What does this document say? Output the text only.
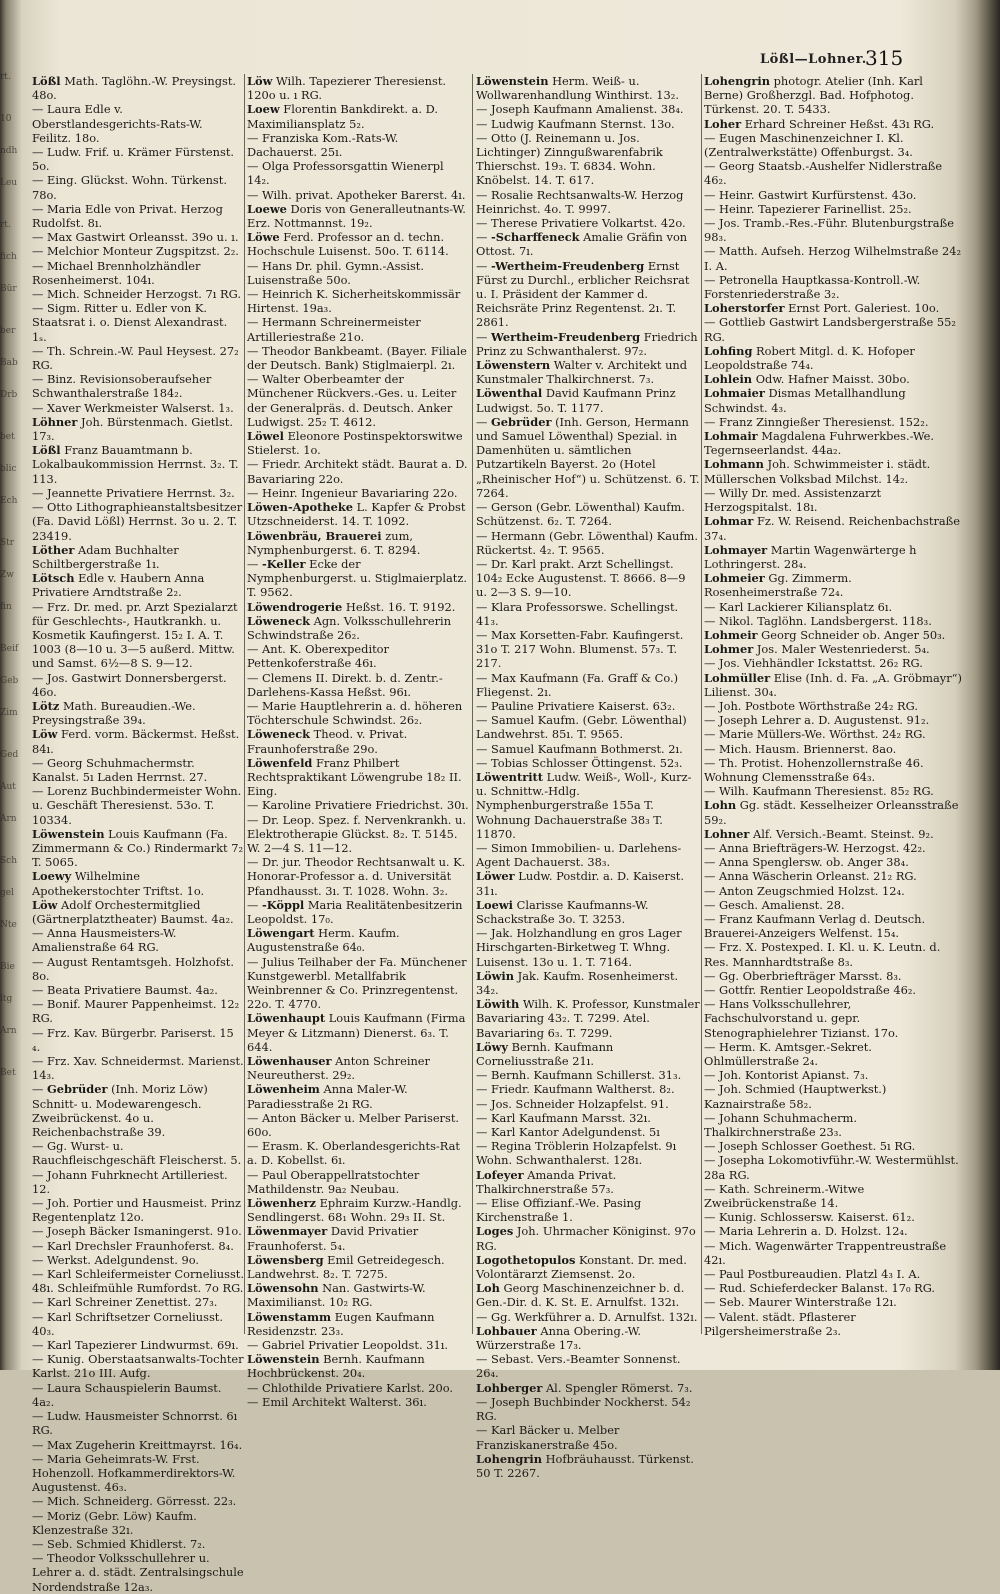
rt.
10
ndh
Leu
rt.
fich
Bür
ber
Bab
Drb
bet
blic
Ech
Str
Zw
fin
Beif
Geb
Zim
Ged
Aut
Arn
Sch
gel
Nte
Bie
ltg
Arn
Bet
Lößl—Lohner.
315

Lößl Math. Taglöhn.-W. Preysingst. 48o.

— Laura Edle v. Oberstlandesgerichts-Rats-W. Feilitz. 18o.

— Ludw. Frif. u. Krämer Fürstenst. 5o.

— Eing. Glückst. Wohn. Türkenst. 78o.

— Maria Edle von Privat. Herzog Rudolfst. 8ı.

— Max Gastwirt Orleansst. 39o u. ı.

— Melchior Monteur Zugspitzst. 2₂.

— Michael Brennholzhändler Rosenheimerst. 104ı.

— Mich. Schneider Herzogst. 7ı RG.

— Sigm. Ritter u. Edler von K. Staatsrat i. o. Dienst Alexandrast. 1ₛ.

— Th. Schrein.-W. Paul Heysest. 27₂ RG.

— Binz. Revisionsoberaufseher Schwanthalerstraße 184₂.

— Xaver Werkmeister Walserst. 1₃.

Löhner Joh. Bürstenmach. Gietlst. 17₃.

Lößl Franz Bauamtmann b. Lokalbaukommission Herrnst. 3₂. T. 113.

— Jeannette Privatiere Herrnst. 3₂.

— Otto Lithographieanstaltsbesitzer (Fa. David Lößl) Herrnst. 3o u. 2. T. 23419.

Löther Adam Buchhalter Schiltbergerstraße 1ı.

Lötsch Edle v. Haubern Anna Privatiere Arndtstraße 2₂.

— Frz. Dr. med. pr. Arzt Spezialarzt für Geschlechts-, Hautkrankh. u. Kosmetik Kaufingerst. 15₂ I. A. T. 1003 (8—10 u. 3—5 außerd. Mittw. und Samst. 6½—8 S. 9—12.

— Jos. Gastwirt Donnersbergerst. 46o.

Lötz Math. Bureaudien.-We. Preysingstraße 39₄.

Löw Ferd. vorm. Bäckermst. Heßst. 84ı.

— Georg Schuhmachermstr. Kanalst. 5ı Laden Herrnst. 27.

— Lorenz Buchbindermeister Wohn. u. Geschäft Theresienst. 53o. T. 10334.

Löwenstein Louis Kaufmann (Fa. Zimmermann & Co.) Rindermarkt 7₂ T. 5065.

Loewy Wilhelmine Apothekerstochter Triftst. 1o.

Löw Adolf Orchestermitglied (Gärtnerplatztheater) Baumst. 4a₂.

— Anna Hausmeisters-W. Amalienstraße 64 RG.

— August Rentamtsgeh. Holzhofst. 8o.

— Beata Privatiere Baumst. 4a₂.

— Bonif. Maurer Pappenheimst. 12₂ RG.

— Frz. Kav. Bürgerbr. Pariserst. 15 ₄.

— Frz. Xav. Schneidermst. Marienst. 14₃.

— Gebrüder (Inh. Moriz Löw) Schnitt- u. Modewarengesch. Zweibrückenst. 4o u. Reichenbachstraße 39.

— Gg. Wurst- u. Rauchfleischgeschäft Fleischerst. 5.

— Johann Fuhrknecht Artilleriest. 12.

— Joh. Portier und Hausmeist. Prinz Regentenplatz 12o.

— Joseph Bäcker Ismaningerst. 91o.

— Karl Drechsler Fraunhoferst. 8₄.

— Werkst. Adelgundenst. 9o.

— Karl Schleifermeister Corneliusst. 48ı. Schleifmühle Rumfordst. 7o RG.

— Karl Schreiner Zenettist. 27₃.

— Karl Schriftsetzer Corneliusst. 40₃.

— Karl Tapezierer Lindwurmst. 69ı.

— Kunig. Oberstaatsanwalts-Tochter Karlst. 21o III. Aufg.

— Laura Schauspielerin Baumst. 4a₂.

— Ludw. Hausmeister Schnorrst. 6ı RG.

— Max Zugeherin Kreittmayrst. 16₄.

— Maria Geheimrats-W. Frst. Hohenzoll. Hofkammerdirektors-W. Augustenst. 46₃.

— Mich. Schneiderg. Görresst. 22₃.

— Moriz (Gebr. Löw) Kaufm. Klenzestraße 32ı.

— Seb. Schmied Khidlerst. 7₂.

— Theodor Volksschullehrer u. Lehrer a. d. städt. Zentralsingschule Nordendstraße 12a₃.

Löw Wilh. Tapezierer Theresienst. 120o u. ı RG.

Loew Florentin Bankdirekt. a. D. Maximiliansplatz 5₂.

— Franziska Kom.-Rats-W. Dachauerst. 25ı.

— Olga Professorsgattin Wienerpl 14₂.

— Wilh. privat. Apotheker Barerst. 4ı.

Loewe Doris von Generalleutnants-W. Erz. Nottmannst. 19₂.

Löwe Ferd. Professor an d. techn. Hochschule Luisenst. 50o. T. 6114.

— Hans Dr. phil. Gymn.-Assist. Luisenstraße 50o.

— Heinrich K. Sicherheitskommissär Hirtenst. 19a₃.

— Hermann Schreinermeister Artilleriestraße 21o.

— Theodor Bankbeamt. (Bayer. Filiale der Deutsch. Bank) Stiglmaierpl. 2ı.

— Walter Oberbeamter der Münchener Rückvers.-Ges. u. Leiter der Generalpräs. d. Deutsch. Anker Ludwigst. 25₂ T. 4612.

Löwel Eleonore Postinspektorswitwe Stielerst. 1o.

— Friedr. Architekt städt. Baurat a. D. Bavariaring 22o.

— Heinr. Ingenieur Bavariaring 22o.

Löwen-Apotheke L. Kapfer & Probst Utzschneiderst. 14. T. 1092.

Löwenbräu, Brauerei zum, Nymphenburgerst. 6. T. 8294.

— -Keller Ecke der Nymphenburgerst. u. Stiglmaierplatz. T. 9562.

Löwendrogerie Heßst. 16. T. 9192.

Löweneck Agn. Volksschullehrerin Schwindstraße 26₂.

— Ant. K. Oberexpeditor Pettenkoferstraße 46ı.

— Clemens II. Direkt. b. d. Zentr.-Darlehens-Kassa Heßst. 96ı.

— Marie Hauptlehrerin a. d. höheren Töchterschule Schwindst. 26₂.

Löweneck Theod. v. Privat. Fraunhoferstraße 29o.

Löwenfeld Franz Philbert Rechtspraktikant Löwengrube 18₂ II. Eing.

— Karoline Privatiere Friedrichst. 30ı.

— Dr. Leop. Spez. f. Nervenkrankh. u. Elektrotherapie Glückst. 8₂. T. 5145. W. 2—4 S. 11—12.

— Dr. jur. Theodor Rechtsanwalt u. K. Honorar-Professor a. d. Universität Pfandhausst. 3ı. T. 1028. Wohn. 3₂.

— -Köppl Maria Realitätenbesitzerin Leopoldst. 17₀.

Löwengart Herm. Kaufm. Augustenstraße 64₀.

— Julius Teilhaber der Fa. Münchener Kunstgewerbl. Metallfabrik Weinbrenner & Co. Prinzregentenst. 22o. T. 4770.

Löwenhaupt Louis Kaufmann (Firma Meyer & Litzmann) Dienerst. 6₃. T. 644.

Löwenhauser Anton Schreiner Neureutherst. 29₂.

Löwenheim Anna Maler-W. Paradiesstraße 2ı RG.

— Anton Bäcker u. Melber Pariserst. 60o.

— Erasm. K. Oberlandesgerichts-Rat a. D. Kobellst. 6ı.

— Paul Oberappellratstochter Mathildenstr. 9a₂ Neubau.

Löwenherz Ephraim Kurzw.-Handlg. Sendlingerst. 68₁ Wohn. 29₃ II. St.

Löwenmayer David Privatier Fraunhoferst. 5₄.

Löwensberg Emil Getreidegesch. Landwehrst. 8₂. T. 7275.

Löwensohn Nan. Gastwirts-W. Maximilianst. 10₂ RG.

Löwenstamm Eugen Kaufmann Residenzstr. 23₃.

— Gabriel Privatier Leopoldst. 31ı.

Löwenstein Bernh. Kaufmann Hochbrückenst. 20₄.

— Chlothilde Privatiere Karlst. 20o.

— Emil Architekt Walterst. 36ı.

Löwenstein Herm. Weiß- u. Wollwarenhandlung Winthirst. 13₂.

— Joseph Kaufmann Amalienst. 38₄.

— Ludwig Kaufmann Sternst. 13o.

— Otto (J. Reinemann u. Jos. Lichtinger) Zinngußwarenfabrik Thierschst. 19₃. T. 6834. Wohn. Knöbelst. 14. T. 617.

— Rosalie Rechtsanwalts-W. Herzog Heinrichst. 4o. T. 9997.

— Therese Privatiere Volkartst. 42o.

— -Scharffeneck Amalie Gräfin von Ottost. 7ı.

— -Wertheim-Freudenberg Ernst Fürst zu Durchl., erblicher Reichsrat u. I. Präsident der Kammer d. Reichsräte Prinz Regentenst. 2ı. T. 2861.

— Wertheim-Freudenberg Friedrich Prinz zu Schwanthalerst. 97₂.

Löwenstern Walter v. Architekt und Kunstmaler Thalkirchnerst. 7₃.

Löwenthal David Kaufmann Prinz Ludwigst. 5o. T. 1177.

— Gebrüder (Inh. Gerson, Hermann und Samuel Löwenthal) Spezial. in Damenhüten u. sämtlichen Putzartikeln Bayerst. 2o (Hotel „Rheinischer Hof“) u. Schützenst. 6. T. 7264.

— Gerson (Gebr. Löwenthal) Kaufm. Schützenst. 6₂. T. 7264.

— Hermann (Gebr. Löwenthal) Kaufm. Rückertst. 4₂. T. 9565.

— Dr. Karl prakt. Arzt Schellingst. 104₂ Ecke Augustenst. T. 8666. 8—9 u. 2—3 S. 9—10.

— Klara Professorswe. Schellingst. 41₃.

— Max Korsetten-Fabr. Kaufingerst. 31o T. 217 Wohn. Blumenst. 57₃. T. 217.

— Max Kaufmann (Fa. Graff & Co.) Fliegenst. 2ı.

— Pauline Privatiere Kaiserst. 63₂.

— Samuel Kaufm. (Gebr. Löwenthal) Landwehrst. 85ı. T. 9565.

— Samuel Kaufmann Bothmerst. 2ı.

— Tobias Schlosser Öttingenst. 52₃.

Löwentritt Ludw. Weiß-, Woll-, Kurz- u. Schnittw.-Hdlg. Nymphenburgerstraße 155a T. Wohnung Dachauerstraße 38₃ T. 11870.

— Simon Immobilien- u. Darlehens-Agent Dachauerst. 38₃.

Löwer Ludw. Postdir. a. D. Kaiserst. 31ı.

Loewi Clarisse Kaufmanns-W. Schackstraße 3o. T. 3253.

— Jak. Holzhandlung en gros Lager Hirschgarten-Birketweg T. Whng. Luisenst. 13o u. 1. T. 7164.

Löwin Jak. Kaufm. Rosenheimerst. 34₂.

Löwith Wilh. K. Professor, Kunstmaler Bavariaring 43₂. T. 7299. Atel. Bavariaring 6₃. T. 7299.

Löwy Bernh. Kaufmann Corneliusstraße 21ı.

— Bernh. Kaufmann Schillerst. 31₃.

— Friedr. Kaufmann Waltherst. 8₂.

— Jos. Schneider Holzapfelst. 91.

— Karl Kaufmann Marsst. 32ı.

— Karl Kantor Adelgundenst. 5ı

— Regina Tröblerin Holzapfelst. 9ı Wohn. Schwanthalerst. 128ı.

Lofeyer Amanda Privat. Thalkirchnerstraße 57₃.

— Elise Offizianf.-We. Pasing Kirchenstraße 1.

Loges Joh. Uhrmacher Königinst. 97o RG.

Logothetopulos Konstant. Dr. med. Volontärarzt Ziemsenst. 2o.

Loh Georg Maschinenzeichner b. d. Gen.-Dir. d. K. St. E. Arnulfst. 132ı.

— Gg. Werkführer a. D. Arnulfst. 132ı.

Lohbauer Anna Obering.-W. Würzerstraße 17₃.

— Sebast. Vers.-Beamter Sonnenst. 26₄.

Lohberger Al. Spengler Römerst. 7₃.

— Joseph Buchbinder Nockherst. 54₂ RG.

— Karl Bäcker u. Melber Franziskanerstraße 45o.

Lohengrin Hofbräuhausst. Türkenst. 50 T. 2267.

Lohengrin photogr. Atelier (Inh. Karl Berne) Großherzgl. Bad. Hofphotog. Türkenst. 20. T. 5433.

Loher Erhard Schreiner Heßst. 43ı RG.

— Eugen Maschinenzeichner I. Kl. (Zentralwerkstätte) Offenburgst. 3₄.

— Georg Staatsb.-Aushelfer Nidlerstraße 46₂.

— Heinr. Gastwirt Kurfürstenst. 43o.

— Heinr. Tapezierer Farinellist. 25₂.

— Jos. Tramb.-Res.-Führ. Blutenburgstraße 98₃.

— Matth. Aufseh. Herzog Wilhelmstraße 24₂ I. A.

— Petronella Hauptkassa-Kontroll.-W. Forstenriederstraße 3₂.

Loherstorfer Ernst Port. Galeriest. 10o.

— Gottlieb Gastwirt Landsbergerstraße 55₂ RG.

Lohfing Robert Mitgl. d. K. Hofoper Leopoldstraße 74₄.

Lohlein Odw. Hafner Maisst. 30bo.

Lohmaier Dismas Metallhandlung Schwindst. 4₃.

— Franz Zinngießer Theresienst. 152₂.

Lohmair Magdalena Fuhrwerkbes.-We. Tegernseerlandst. 44a₂.

Lohmann Joh. Schwimmeister i. städt. Müllerschen Volksbad Milchst. 14₂.

— Willy Dr. med. Assistenzarzt Herzogspitalst. 18ı.

Lohmar Fz. W. Reisend. Reichenbachstraße 37₄.

Lohmayer Martin Wagenwärterge h Lothringerst. 28₄.

Lohmeier Gg. Zimmerm. Rosenheimerstraße 72₄.

— Karl Lackierer Kiliansplatz 6ı.

— Nikol. Taglöhn. Landsbergerst. 118₃.

Lohmeir Georg Schneider ob. Anger 50₃.

Lohmer Jos. Maler Westenriederst. 5₄.

— Jos. Viehhändler Ickstattst. 26₂ RG.

Lohmüller Elise (Inh. d. Fa. „A. Gröbmayr“) Lilienst. 30₄.

— Joh. Postbote Wörthstraße 24₂ RG.

— Joseph Lehrer a. D. Augustenst. 91₂.

— Marie Müllers-We. Wörthst. 24₂ RG.

— Mich. Hausm. Briennerst. 8ao.

— Th. Protist. Hohenzollernstraße 46. Wohnung Clemensstraße 64₃.

— Wilh. Kaufmann Theresienst. 85₂ RG.

Lohn Gg. städt. Kesselheizer Orleansstraße 59₂.

Lohner Alf. Versich.-Beamt. Steinst. 9₂.

— Anna Briefträgers-W. Herzogst. 42₂.

— Anna Spenglersw. ob. Anger 38₄.

— Anna Wäscherin Orleanst. 21₂ RG.

— Anton Zeugschmied Holzst. 12₄.

— Gesch. Amalienst. 28.

— Franz Kaufmann Verlag d. Deutsch. Brauerei-Anzeigers Welfenst. 15₄.

— Frz. X. Postexped. I. Kl. u. K. Leutn. d. Res. Mannhardtstraße 8₃.

— Gg. Oberbriefträger Marsst. 8₃.

— Gottfr. Rentier Leopoldstraße 46₂.

— Hans Volksschullehrer, Fachschulvorstand u. gepr. Stenographielehrer Tizianst. 17o.

— Herm. K. Amtsger.-Sekret. Ohlmüllerstraße 2₄.

— Joh. Kontorist Apianst. 7₃.

— Joh. Schmied (Hauptwerkst.) Kaznairstraße 58₂.

— Johann Schuhmacherm. Thalkirchnerstraße 23₃.

— Joseph Schlosser Goethest. 5ı RG.

— Josepha Lokomotivführ.-W. Westermühlst. 28a RG.

— Kath. Schreinerm.-Witwe Zweibrückenstraße 14.

— Kunig. Schlossersw. Kaiserst. 61₂.

— Maria Lehrerin a. D. Holzst. 12₄.

— Mich. Wagenwärter Trappentreustraße 42ı.

— Paul Postbureaudien. Platzl 4₃ I. A.

— Rud. Schieferdecker Balanst. 17₀ RG.

— Seb. Maurer Winterstraße 12ı.

— Valent. städt. Pflasterer Pilgersheimerstraße 2₃.
